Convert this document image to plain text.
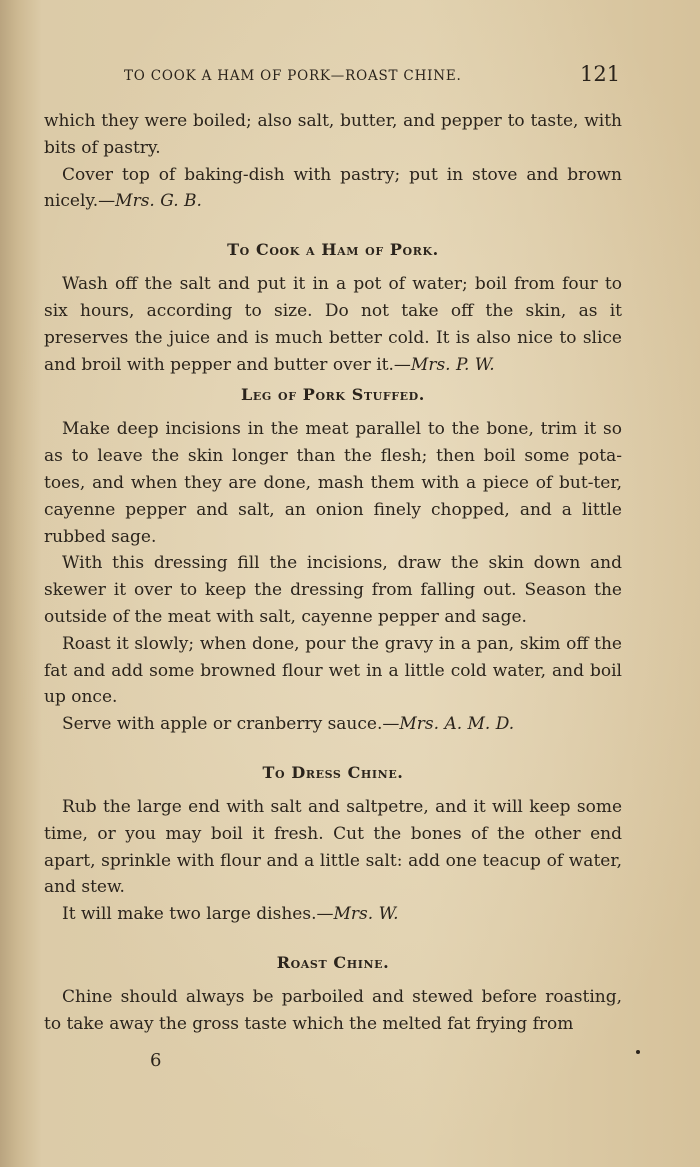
TO COOK A HAM OF PORK—ROAST CHINE.	121

which they were boiled; also salt, butter, and pepper to taste, with bits of pastry.

Cover top of baking-dish with pastry; put in stove and brown nicely.—Mrs. G. B.

To Cook a Ham of Pork.

Wash off the salt and put it in a pot of water; boil from four to six hours, according to size. Do not take off the skin, as it preserves the juice and is much better cold. It is also nice to slice and broil with pepper and butter over it.—Mrs. P. W.

Leg of Pork Stuffed.

Make deep incisions in the meat parallel to the bone, trim it so as to leave the skin longer than the flesh; then boil some pota-toes, and when they are done, mash them with a piece of but-ter, cayenne pepper and salt, an onion finely chopped, and a little rubbed sage.

With this dressing fill the incisions, draw the skin down and skewer it over to keep the dressing from falling out. Season the outside of the meat with salt, cayenne pepper and sage.

Roast it slowly; when done, pour the gravy in a pan, skim off the fat and add some browned flour wet in a little cold water, and boil up once.

Serve with apple or cranberry sauce.—Mrs. A. M. D.

To Dress Chine.

Rub the large end with salt and saltpetre, and it will keep some time, or you may boil it fresh. Cut the bones of the other end apart, sprinkle with flour and a little salt: add one teacup of water, and stew.

It will make two large dishes.—Mrs. W.

Roast Chine.

Chine should always be parboiled and stewed before roasting, to take away the gross taste which the melted fat frying from

6
